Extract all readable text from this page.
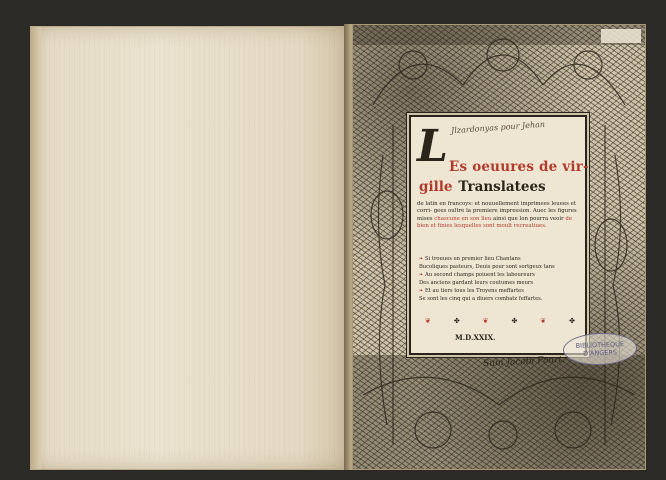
Jlzardonyas pour Jehan
L Es oeuures de vir-
gille Translatees
de latin en francoys: et nouuellement imprimees leuees et corri- gees oultre la premiere impression. Auec les figures mises chascune en son lieu ainsi que lon pourra veoir de bien et finies lesquelles sont moult recreatiues.
❧ Si trouues en premier lieu Chantans
Bucoliques pasteurs, Deuis pour sont sortgeux tans
❧ Au second champs poiuent les laboureurs
Des anciens gardant leurs coutumes meurs
❧ Et au tiers tous les Troyens meffartes
Se sont les cinq qui a diuers combatz feffartes.
❦	✤	❦	✤	❦	✤
M.D.XXIX.
Sum Jacobi Fourt.
BIBLIOTHEQUE
D'ANGERS
